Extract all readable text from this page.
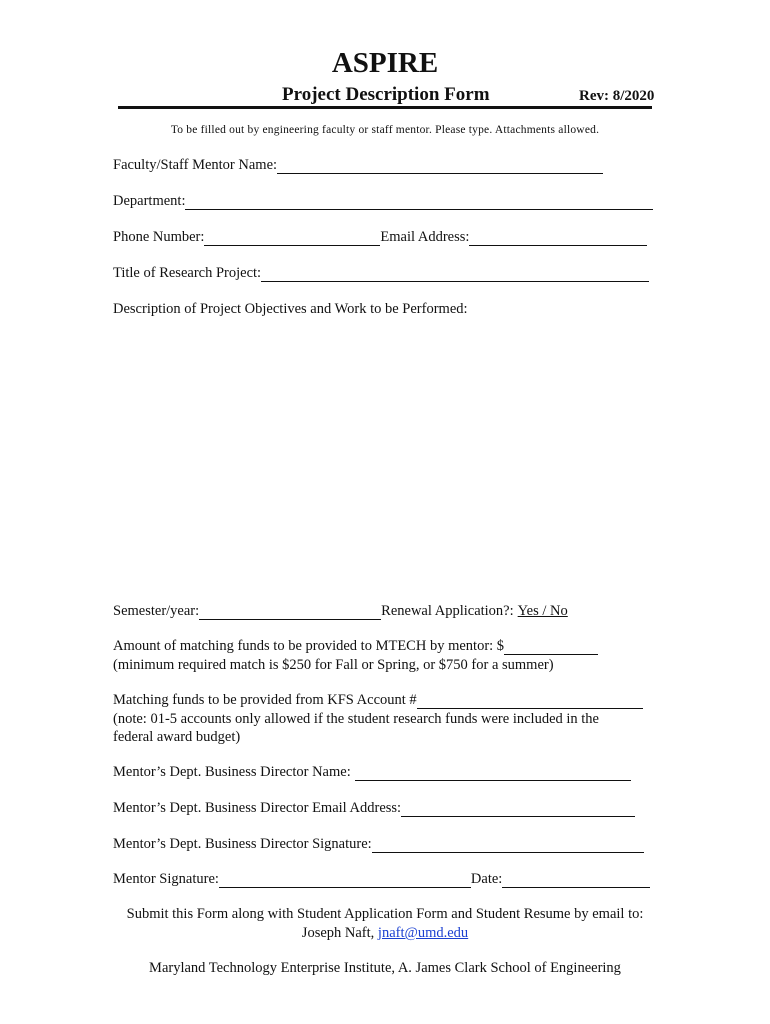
ASPIRE
Project Description Form	Rev: 8/2020
To be filled out by engineering faculty or staff mentor. Please type. Attachments allowed.
Faculty/Staff Mentor Name:
Department:
Phone Number:	Email Address:
Title of Research Project:
Description of Project Objectives and Work to be Performed:
Semester/year:	Renewal Application?: Yes / No
Amount of matching funds to be provided to MTECH by mentor: $
(minimum required match is $250 for Fall or Spring, or $750 for a summer)
Matching funds to be provided from KFS Account #
(note: 01-5 accounts only allowed if the student research funds were included in the
federal award budget)
Mentor’s Dept. Business Director Name:
Mentor’s Dept. Business Director Email Address:
Mentor’s Dept. Business Director Signature:
Mentor Signature:	Date:
Submit this Form along with Student Application Form and Student Resume by email to:
Joseph Naft, jnaft@umd.edu
Maryland Technology Enterprise Institute, A. James Clark School of Engineering
